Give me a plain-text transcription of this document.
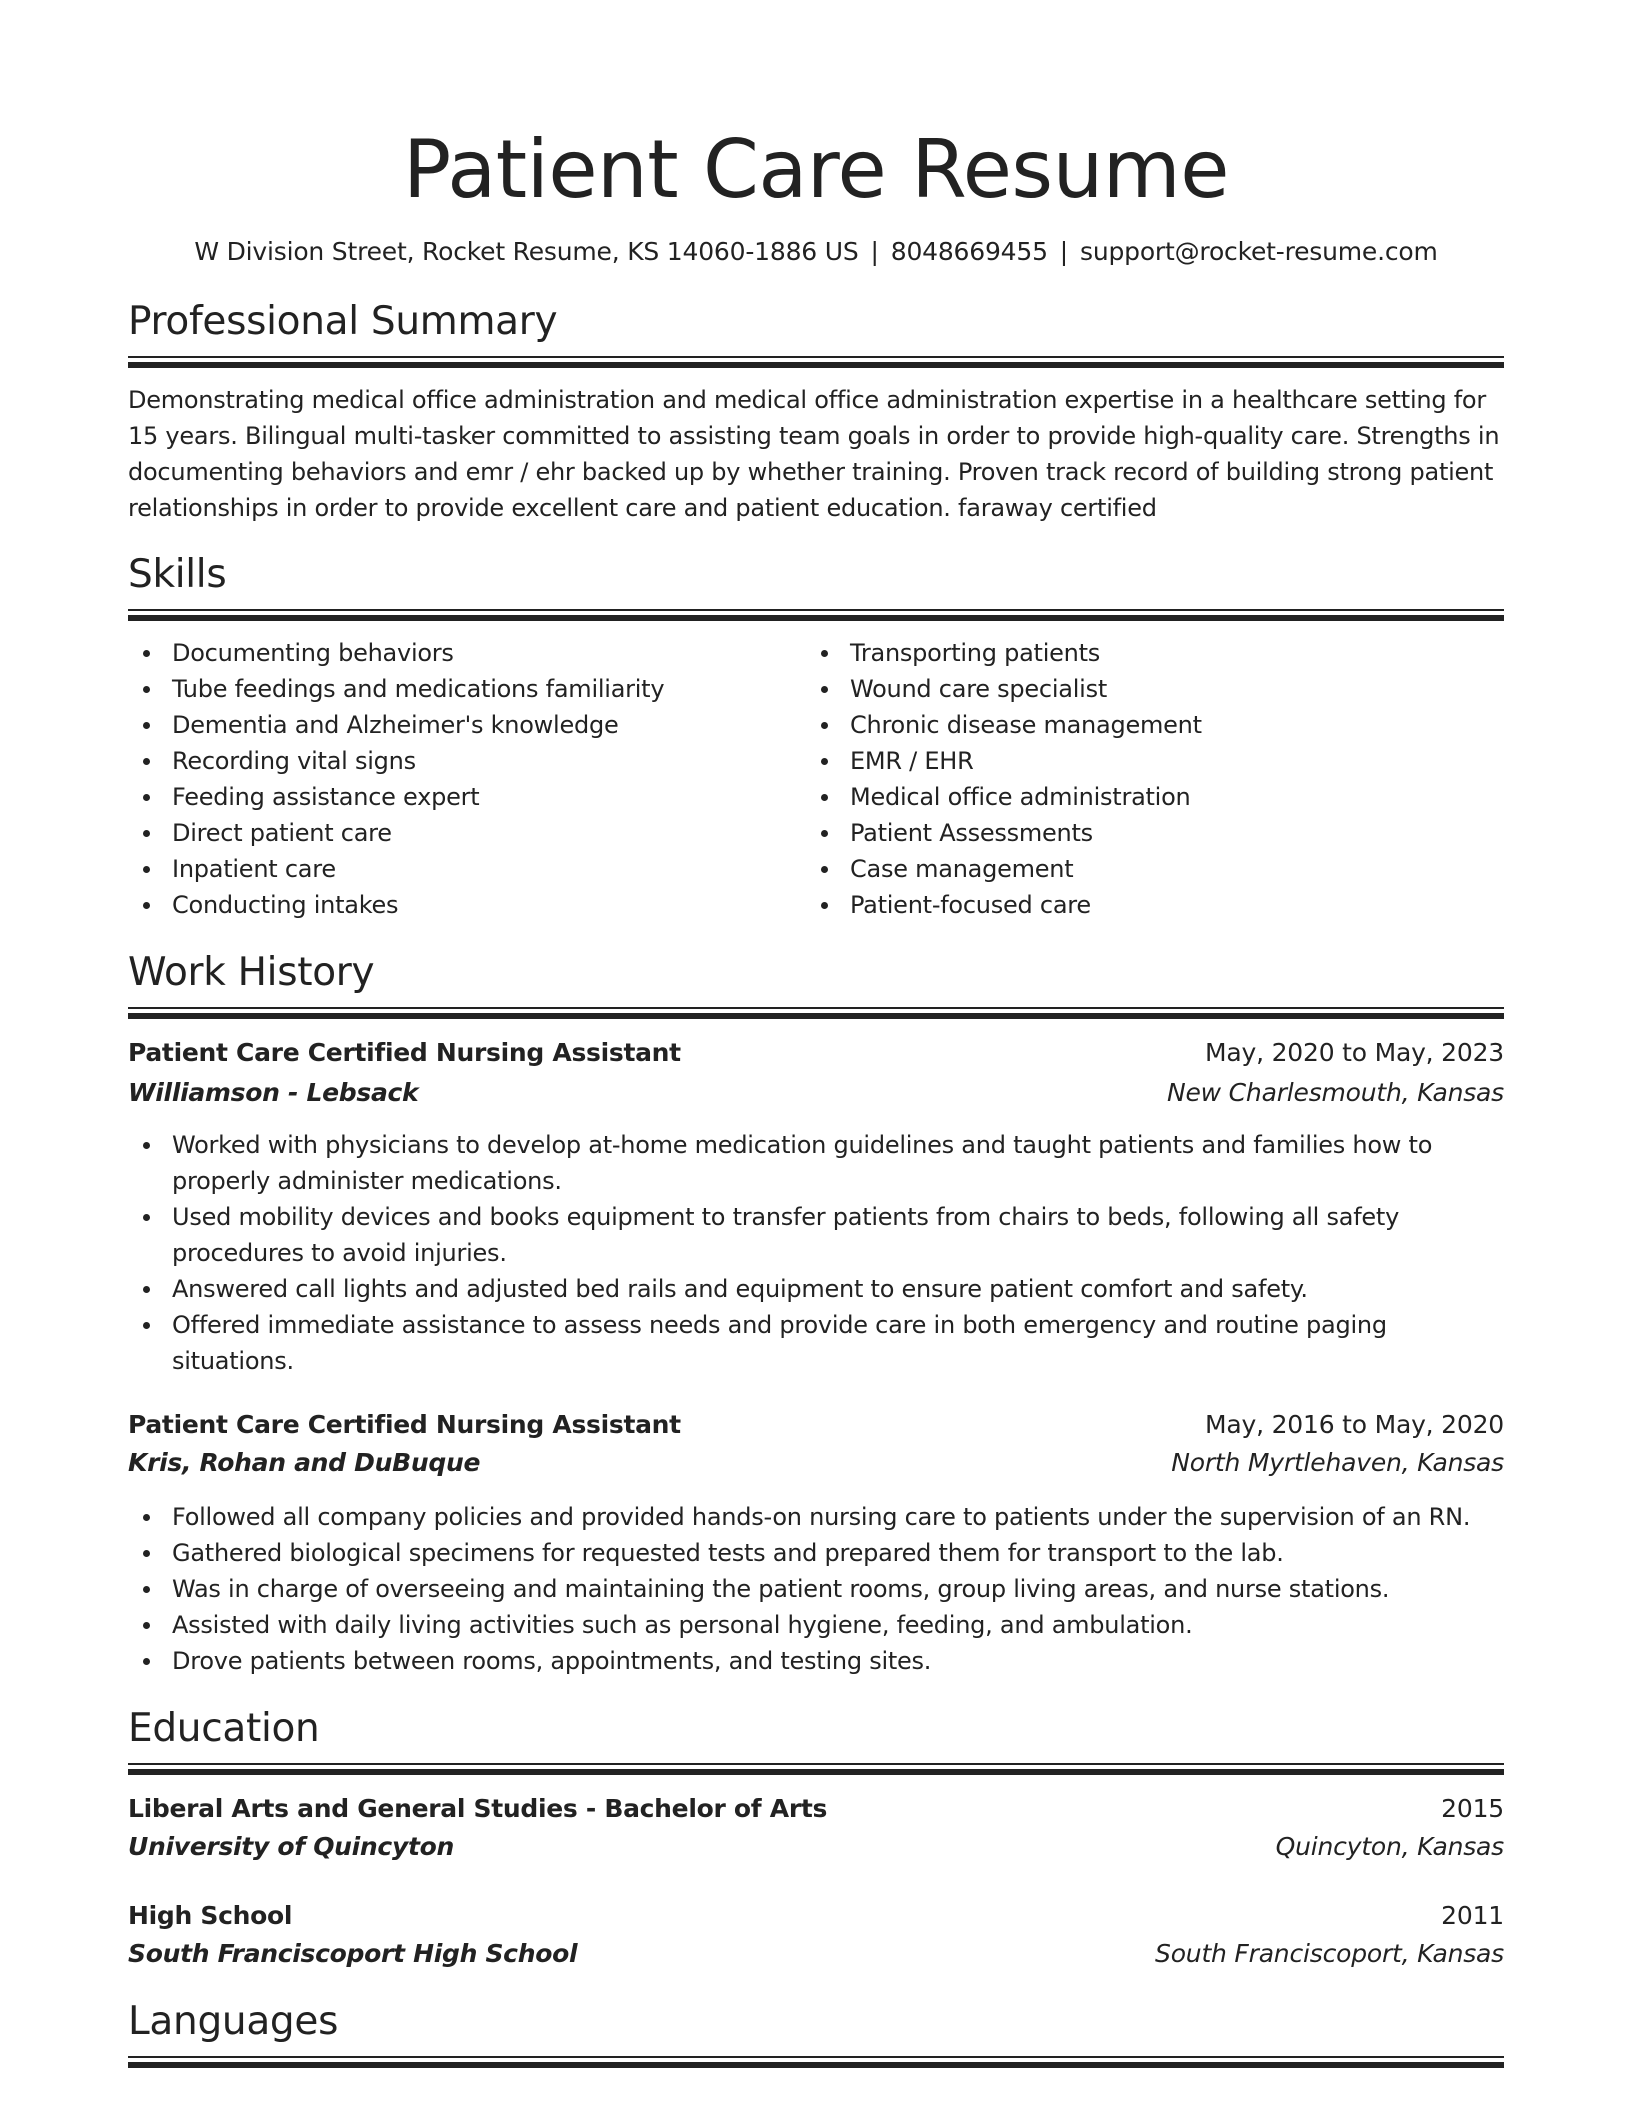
Patient Care Resume
W Division Street, Rocket Resume, KS 14060-1886 US | 8048669455 | support@rocket-resume.com
Professional Summary

Demonstrating medical office administration and medical office administration expertise in a healthcare setting for 15 years. Bilingual multi-tasker committed to assisting team goals in order to provide high-quality care. Strengths in documenting behaviors and emr / ehr backed up by whether training. Proven track record of building strong patient relationships in order to provide excellent care and patient education. faraway certified

Skills
Documenting behaviors
Tube feedings and medications familiarity
Dementia and Alzheimer's knowledge
Recording vital signs
Feeding assistance expert
Direct patient care
Inpatient care
Conducting intakes
Transporting patients
Wound care specialist
Chronic disease management
EMR / EHR
Medical office administration
Patient Assessments
Case management
Patient-focused care
Work History
Patient Care Certified Nursing Assistant	May, 2020 to May, 2023
Williamson - Lebsack	New Charlesmouth, Kansas
Worked with physicians to develop at-home medication guidelines and taught patients and families how to properly administer medications.
Used mobility devices and books equipment to transfer patients from chairs to beds, following all safety procedures to avoid injuries.
Answered call lights and adjusted bed rails and equipment to ensure patient comfort and safety.
Offered immediate assistance to assess needs and provide care in both emergency and routine paging situations.
Patient Care Certified Nursing Assistant	May, 2016 to May, 2020
Kris, Rohan and DuBuque	North Myrtlehaven, Kansas
Followed all company policies and provided hands-on nursing care to patients under the supervision of an RN.
Gathered biological specimens for requested tests and prepared them for transport to the lab.
Was in charge of overseeing and maintaining the patient rooms, group living areas, and nurse stations.
Assisted with daily living activities such as personal hygiene, feeding, and ambulation.
Drove patients between rooms, appointments, and testing sites.
Education
Liberal Arts and General Studies - Bachelor of Arts	2015
University of Quincyton	Quincyton, Kansas
High School	2011
South Franciscoport High School	South Franciscoport, Kansas
Languages
